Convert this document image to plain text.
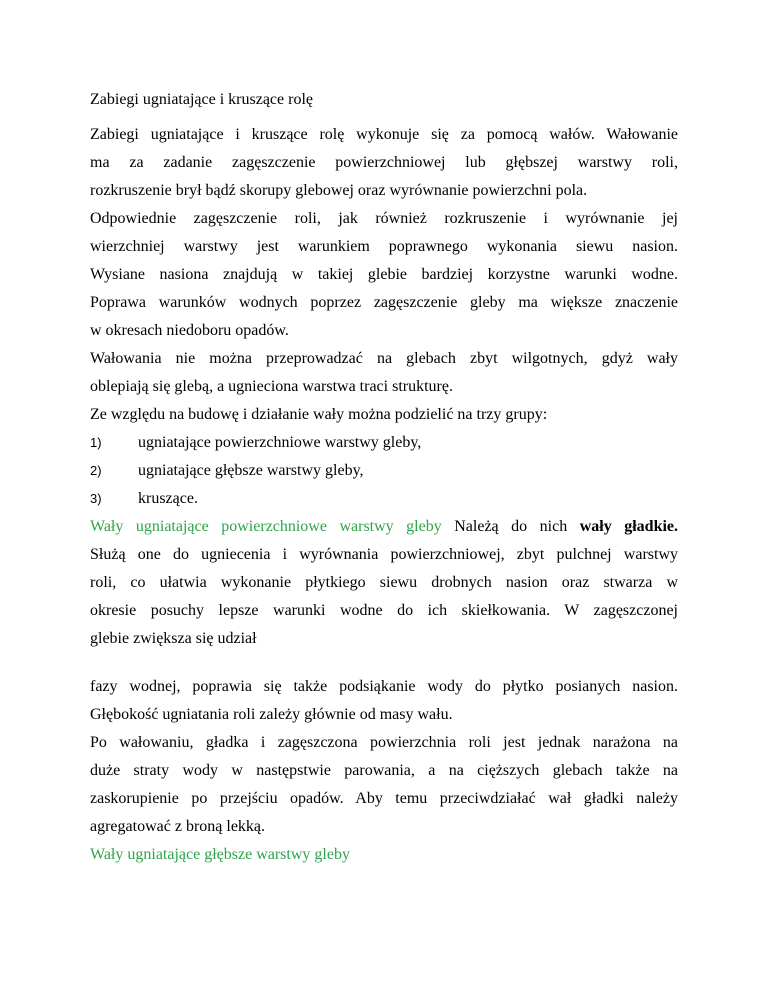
Zabiegi ugniatające i kruszące rolę
Zabiegi ugniatające i kruszące rolę wykonuje się za pomocą wałów. Wałowanie
ma za zadanie zagęszczenie powierzchniowej lub głębszej warstwy roli,
rozkruszenie brył bądź skorupy glebowej oraz wyrównanie powierzchni pola.
Odpowiednie zagęszczenie roli, jak również rozkruszenie i wyrównanie jej
wierzchniej warstwy jest warunkiem poprawnego wykonania siewu nasion.
Wysiane nasiona znajdują w takiej glebie bardziej korzystne warunki wodne.
Poprawa warunków wodnych poprzez zagęszczenie gleby ma większe znaczenie
w okresach niedoboru opadów.
Wałowania nie można przeprowadzać na glebach zbyt wilgotnych, gdyż wały
oblepiają się glebą, a ugnieciona warstwa traci strukturę.
Ze względu na budowę i działanie wały można podzielić na trzy grupy:
1) ugniatające powierzchniowe warstwy gleby,
2) ugniatające głębsze warstwy gleby,
3) kruszące.
Wały ugniatające powierzchniowe warstwy gleby Należą do nich wały gładkie.
Służą one do ugniecenia i wyrównania powierzchniowej, zbyt pulchnej warstwy
roli, co ułatwia wykonanie płytkiego siewu drobnych nasion oraz stwarza w
okresie posuchy lepsze warunki wodne do ich skiełkowania. W zagęszczonej
glebie zwiększa się udział
fazy wodnej, poprawia się także podsiąkanie wody do płytko posianych nasion.
Głębokość ugniatania roli zależy głównie od masy wału.
Po wałowaniu, gładka i zagęszczona powierzchnia roli jest jednak narażona na
duże straty wody w następstwie parowania, a na cięższych glebach także na
zaskorupienie po przejściu opadów. Aby temu przeciwdziałać wał gładki należy
agregatować z broną lekką.
Wały ugniatające głębsze warstwy gleby
